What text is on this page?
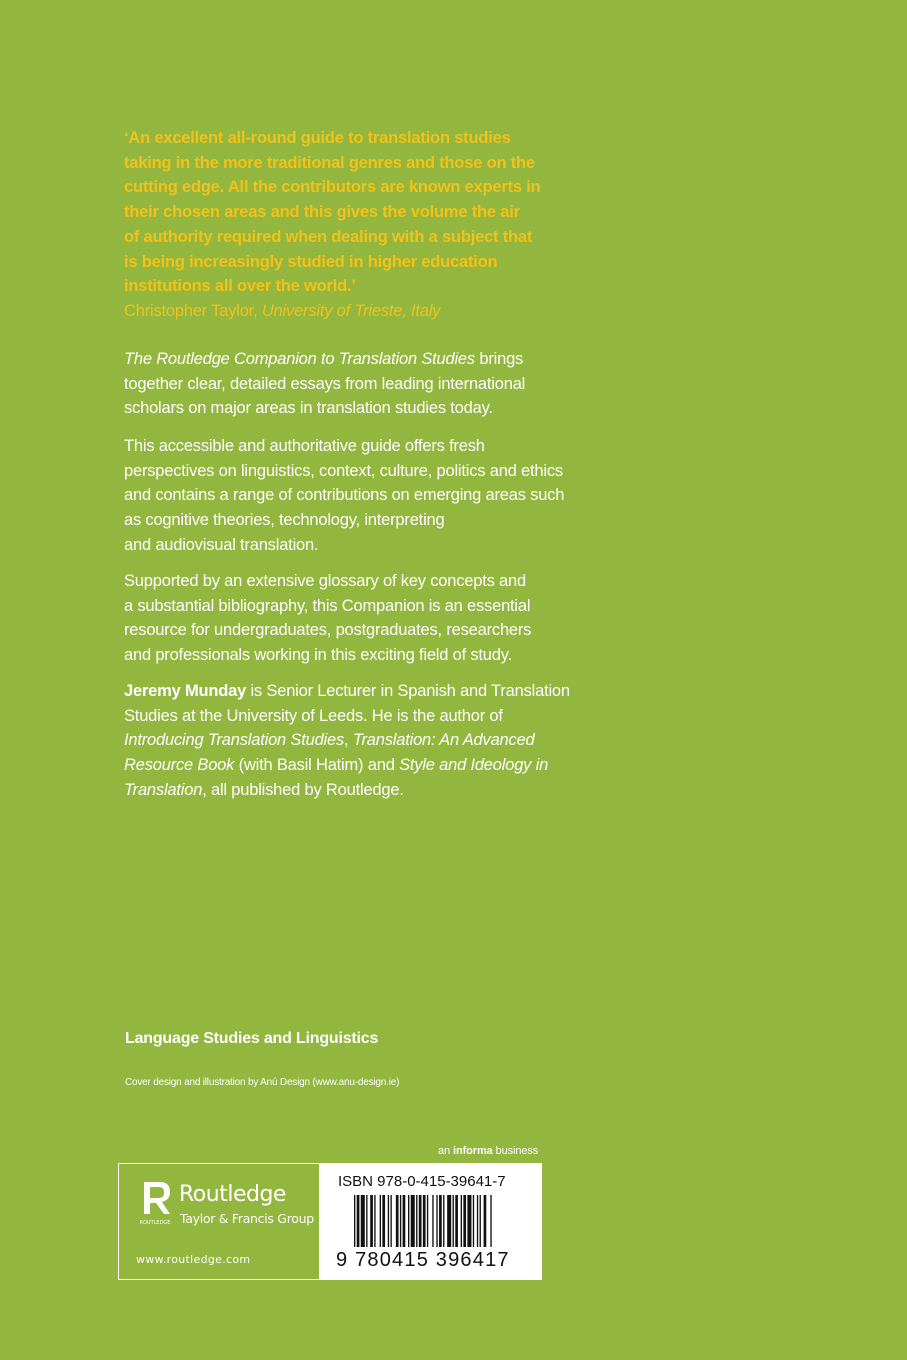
‘An excellent all-round guide to translation studies
taking in the more traditional genres and those on the
cutting edge. All the contributors are known experts in
their chosen areas and this gives the volume the air
of authority required when dealing with a subject that
is being increasingly studied in higher education
institutions all over the world.’
Christopher Taylor, University of Trieste, Italy
The Routledge Companion to Translation Studies brings
together clear, detailed essays from leading international
scholars on major areas in translation studies today.
This accessible and authoritative guide offers fresh
perspectives on linguistics, context, culture, politics and ethics
and contains a range of contributions on emerging areas such
as cognitive theories, technology, interpreting
and audiovisual translation.
Supported by an extensive glossary of key concepts and
a substantial bibliography, this Companion is an essential
resource for undergraduates, postgraduates, researchers
and professionals working in this exciting field of study.
Jeremy Munday is Senior Lecturer in Spanish and Translation
Studies at the University of Leeds. He is the author of
Introducing Translation Studies, Translation: An Advanced
Resource Book (with Basil Hatim) and Style and Ideology in
Translation, all published by Routledge.
Language Studies and Linguistics
Cover design and illustration by Anú Design (www.anu-design.ie)
an informa business
ROUTLEDGE
Routledge
Taylor & Francis Group
www.routledge.com
ISBN 978-0-415-39641-7
9 780415 396417
